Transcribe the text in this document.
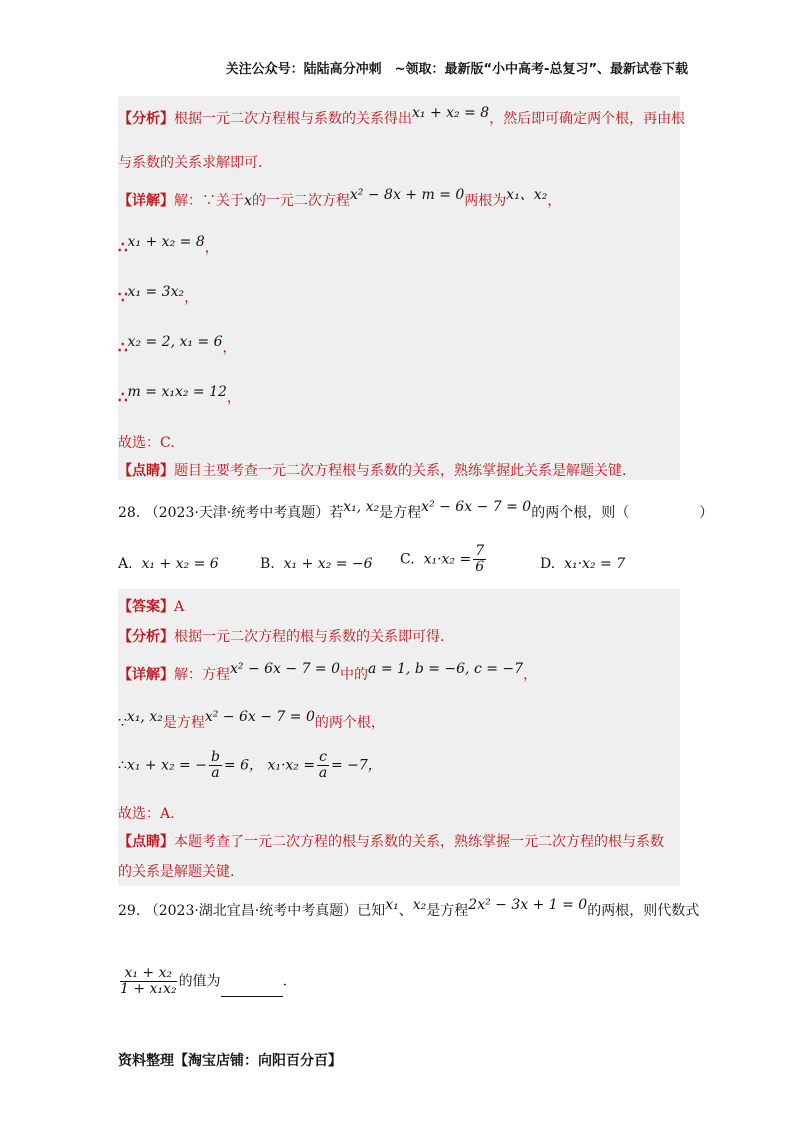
关注公众号：陆陆高分冲刺　~领取：最新版“小中高考-总复习”、最新试卷下载
【分析】根据一元二次方程根与系数的关系得出x₁ + x₂ = 8，然后即可确定两个根，再由根
与系数的关系求解即可.
【详解】解：∵关于x的一元二次方程x² − 8x + m = 0两根为x₁、x₂，
∴x₁ + x₂ = 8，
∵x₁ = 3x₂，
∴x₂ = 2, x₁ = 6，
∴m = x₁x₂ = 12，
故选：C.
【点睛】题目主要考查一元二次方程根与系数的关系，熟练掌握此关系是解题关键.
28. （2023·天津·统考中考真题）若x₁, x₂是方程x² − 6x − 7 = 0的两个根，则（　　　　　）
A. x₁ + x₂ = 6	B. x₁ + x₂ = −6 C. $x_1\cdot x_2 = \frac{7}{6}$	D. x₁·x₂ = 7
【答案】A
【分析】根据一元二次方程的根与系数的关系即可得.
【详解】解：方程x² − 6x − 7 = 0中的a = 1, b = −6, c = −7，
∵x₁, x₂是方程x² − 6x − 7 = 0的两个根，
∴x₁ + x₂ = − $\frac{b}{a} = 6$， $x_1\cdot x_2 = \frac{c}{a} = -7$，
故选：A.
【点睛】本题考查了一元二次方程的根与系数的关系，熟练掌握一元二次方程的根与系数
的关系是解题关键.
29. （2023·湖北宜昌·统考中考真题）已知x₁、x₂是方程2x² − 3x + 1 = 0的两根，则代数式
$\frac{\text{x₁ + x₂}}{\text{1 + x₁x₂}}$ 的值为	.
资料整理【淘宝店铺：向阳百分百】
